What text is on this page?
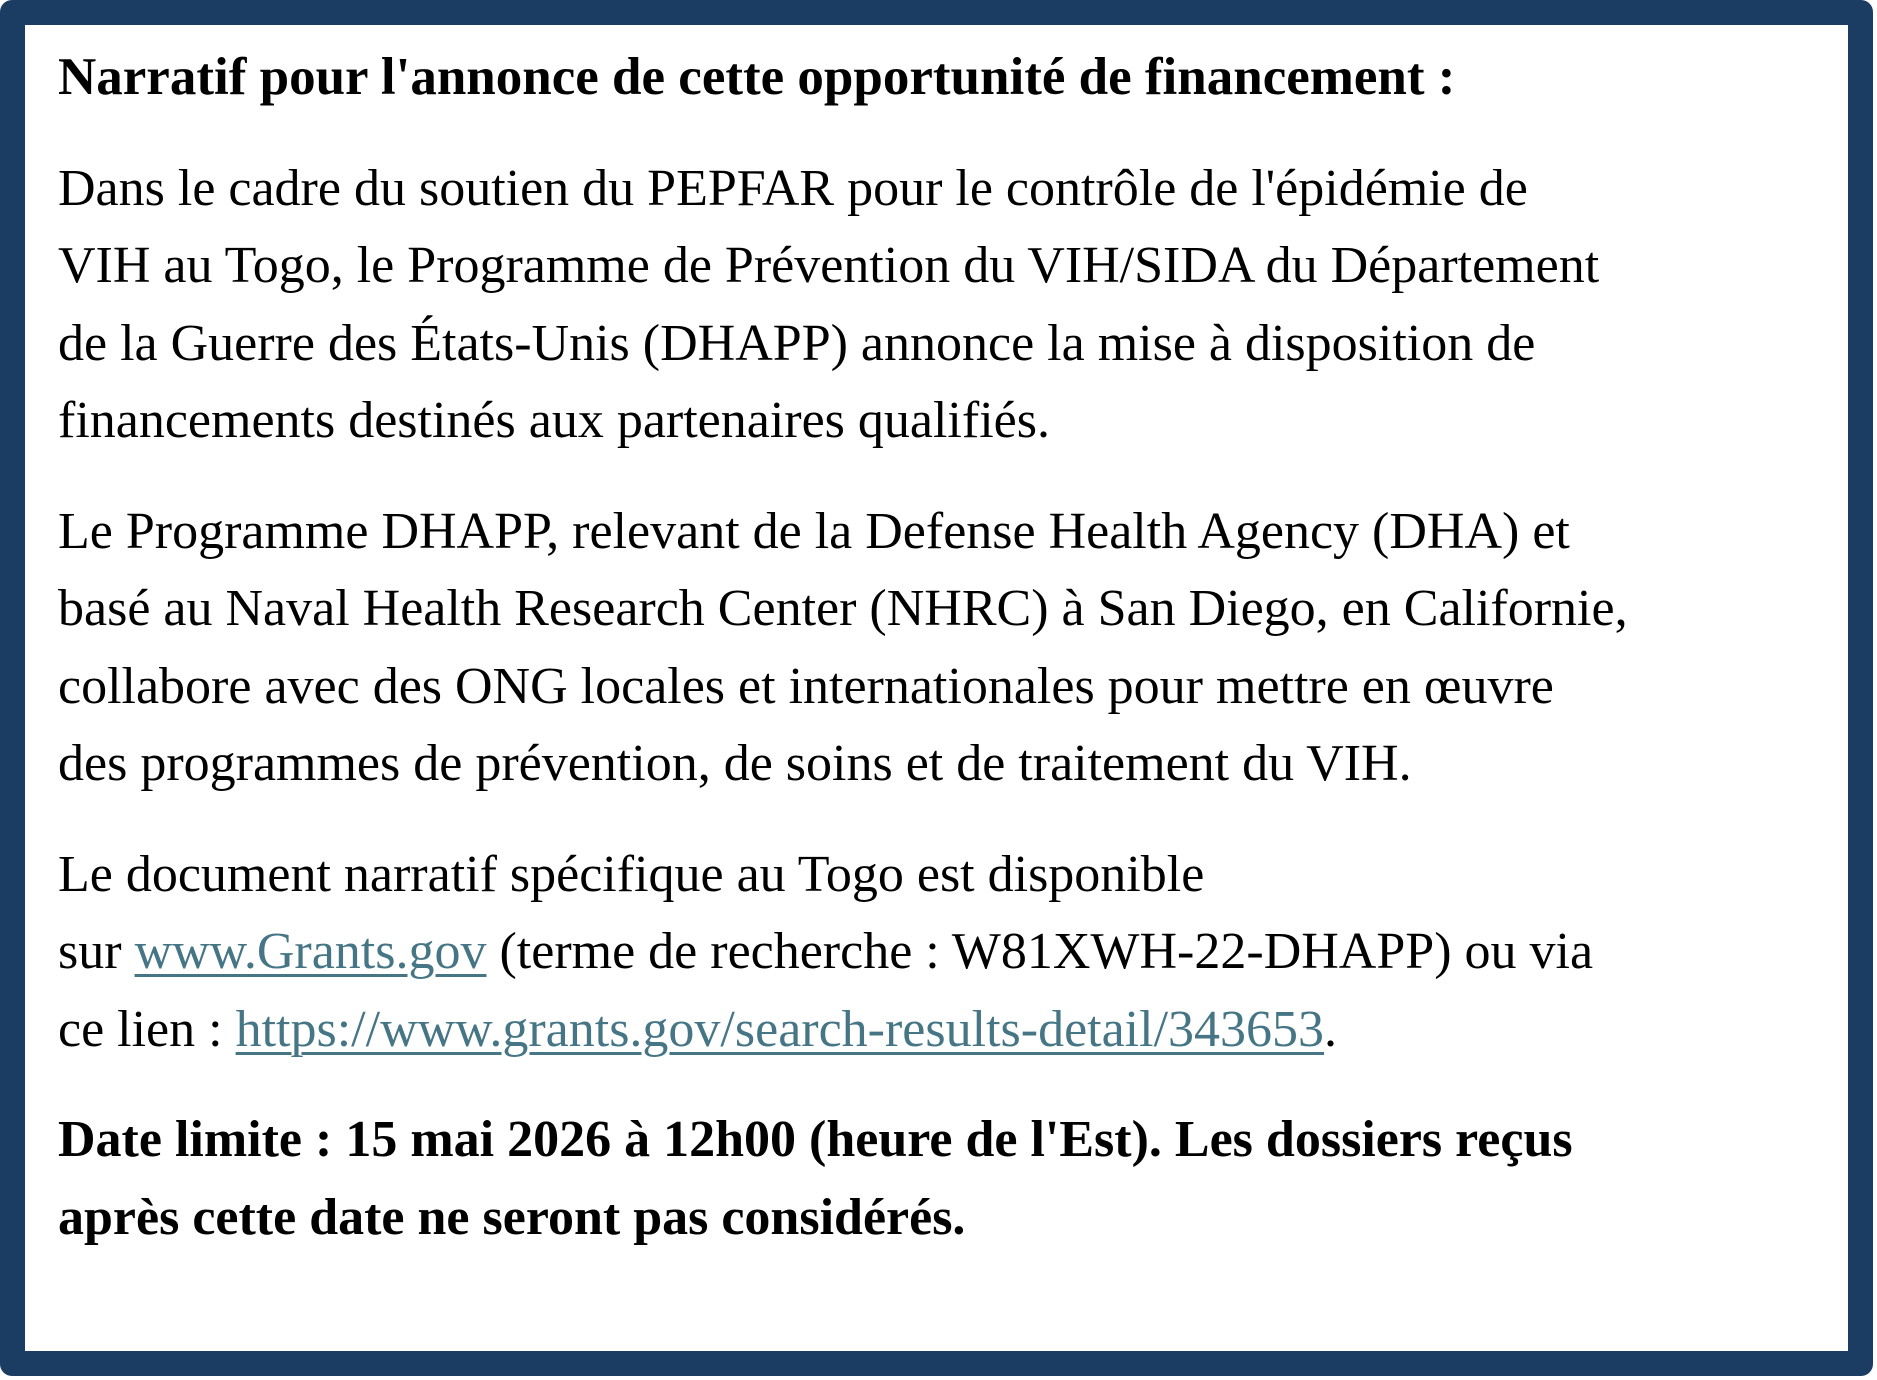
Narratif pour l'annonce de cette opportunité de financement :

Dans le cadre du soutien du PEPFAR pour le contrôle de l'épidémie de
VIH au Togo, le Programme de Prévention du VIH/SIDA du Département
de la Guerre des États-Unis (DHAPP) annonce la mise à disposition de
financements destinés aux partenaires qualifiés.

Le Programme DHAPP, relevant de la Defense Health Agency (DHA) et
basé au Naval Health Research Center (NHRC) à San Diego, en Californie,
collabore avec des ONG locales et internationales pour mettre en œuvre
des programmes de prévention, de soins et de traitement du VIH.

Le document narratif spécifique au Togo est disponible
sur www.Grants.gov (terme de recherche : W81XWH-22-DHAPP) ou via
ce lien : https://www.grants.gov/search-results-detail/343653.

Date limite : 15 mai 2026 à 12h00 (heure de l'Est). Les dossiers reçus
après cette date ne seront pas considérés.
